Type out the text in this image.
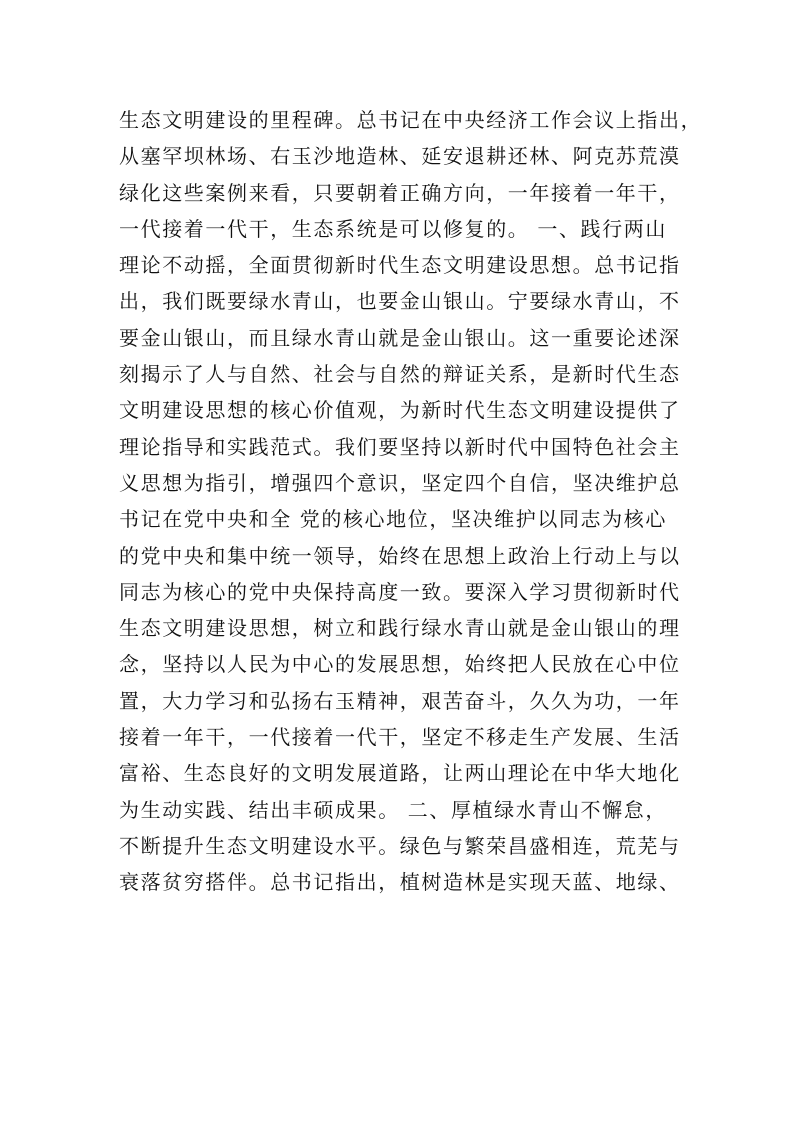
生态文明建设的里程碑。总书记在中央经济工作会议上指出，
从塞罕坝林场、右玉沙地造林、延安退耕还林、阿克苏荒漠
绿化这些案例来看，只要朝着正确方向，一年接着一年干，
一代接着一代干，生态系统是可以修复的。 一、践行两山
理论不动摇，全面贯彻新时代生态文明建设思想。总书记指
出，我们既要绿水青山，也要金山银山。宁要绿水青山，不
要金山银山，而且绿水青山就是金山银山。这一重要论述深
刻揭示了人与自然、社会与自然的辩证关系，是新时代生态
文明建设思想的核心价值观，为新时代生态文明建设提供了
理论指导和实践范式。我们要坚持以新时代中国特色社会主
义思想为指引，增强四个意识，坚定四个自信，坚决维护总
书记在党中央和全 党的核心地位，坚决维护以同志为核心
的党中央和集中统一领导，始终在思想上政治上行动上与以
同志为核心的党中央保持高度一致。要深入学习贯彻新时代
生态文明建设思想，树立和践行绿水青山就是金山银山的理
念，坚持以人民为中心的发展思想，始终把人民放在心中位
置，大力学习和弘扬右玉精神，艰苦奋斗，久久为功，一年
接着一年干，一代接着一代干，坚定不移走生产发展、生活
富裕、生态良好的文明发展道路，让两山理论在中华大地化
为生动实践、结出丰硕成果。 二、厚植绿水青山不懈怠，
不断提升生态文明建设水平。绿色与繁荣昌盛相连，荒芜与
衰落贫穷搭伴。总书记指出，植树造林是实现天蓝、地绿、
